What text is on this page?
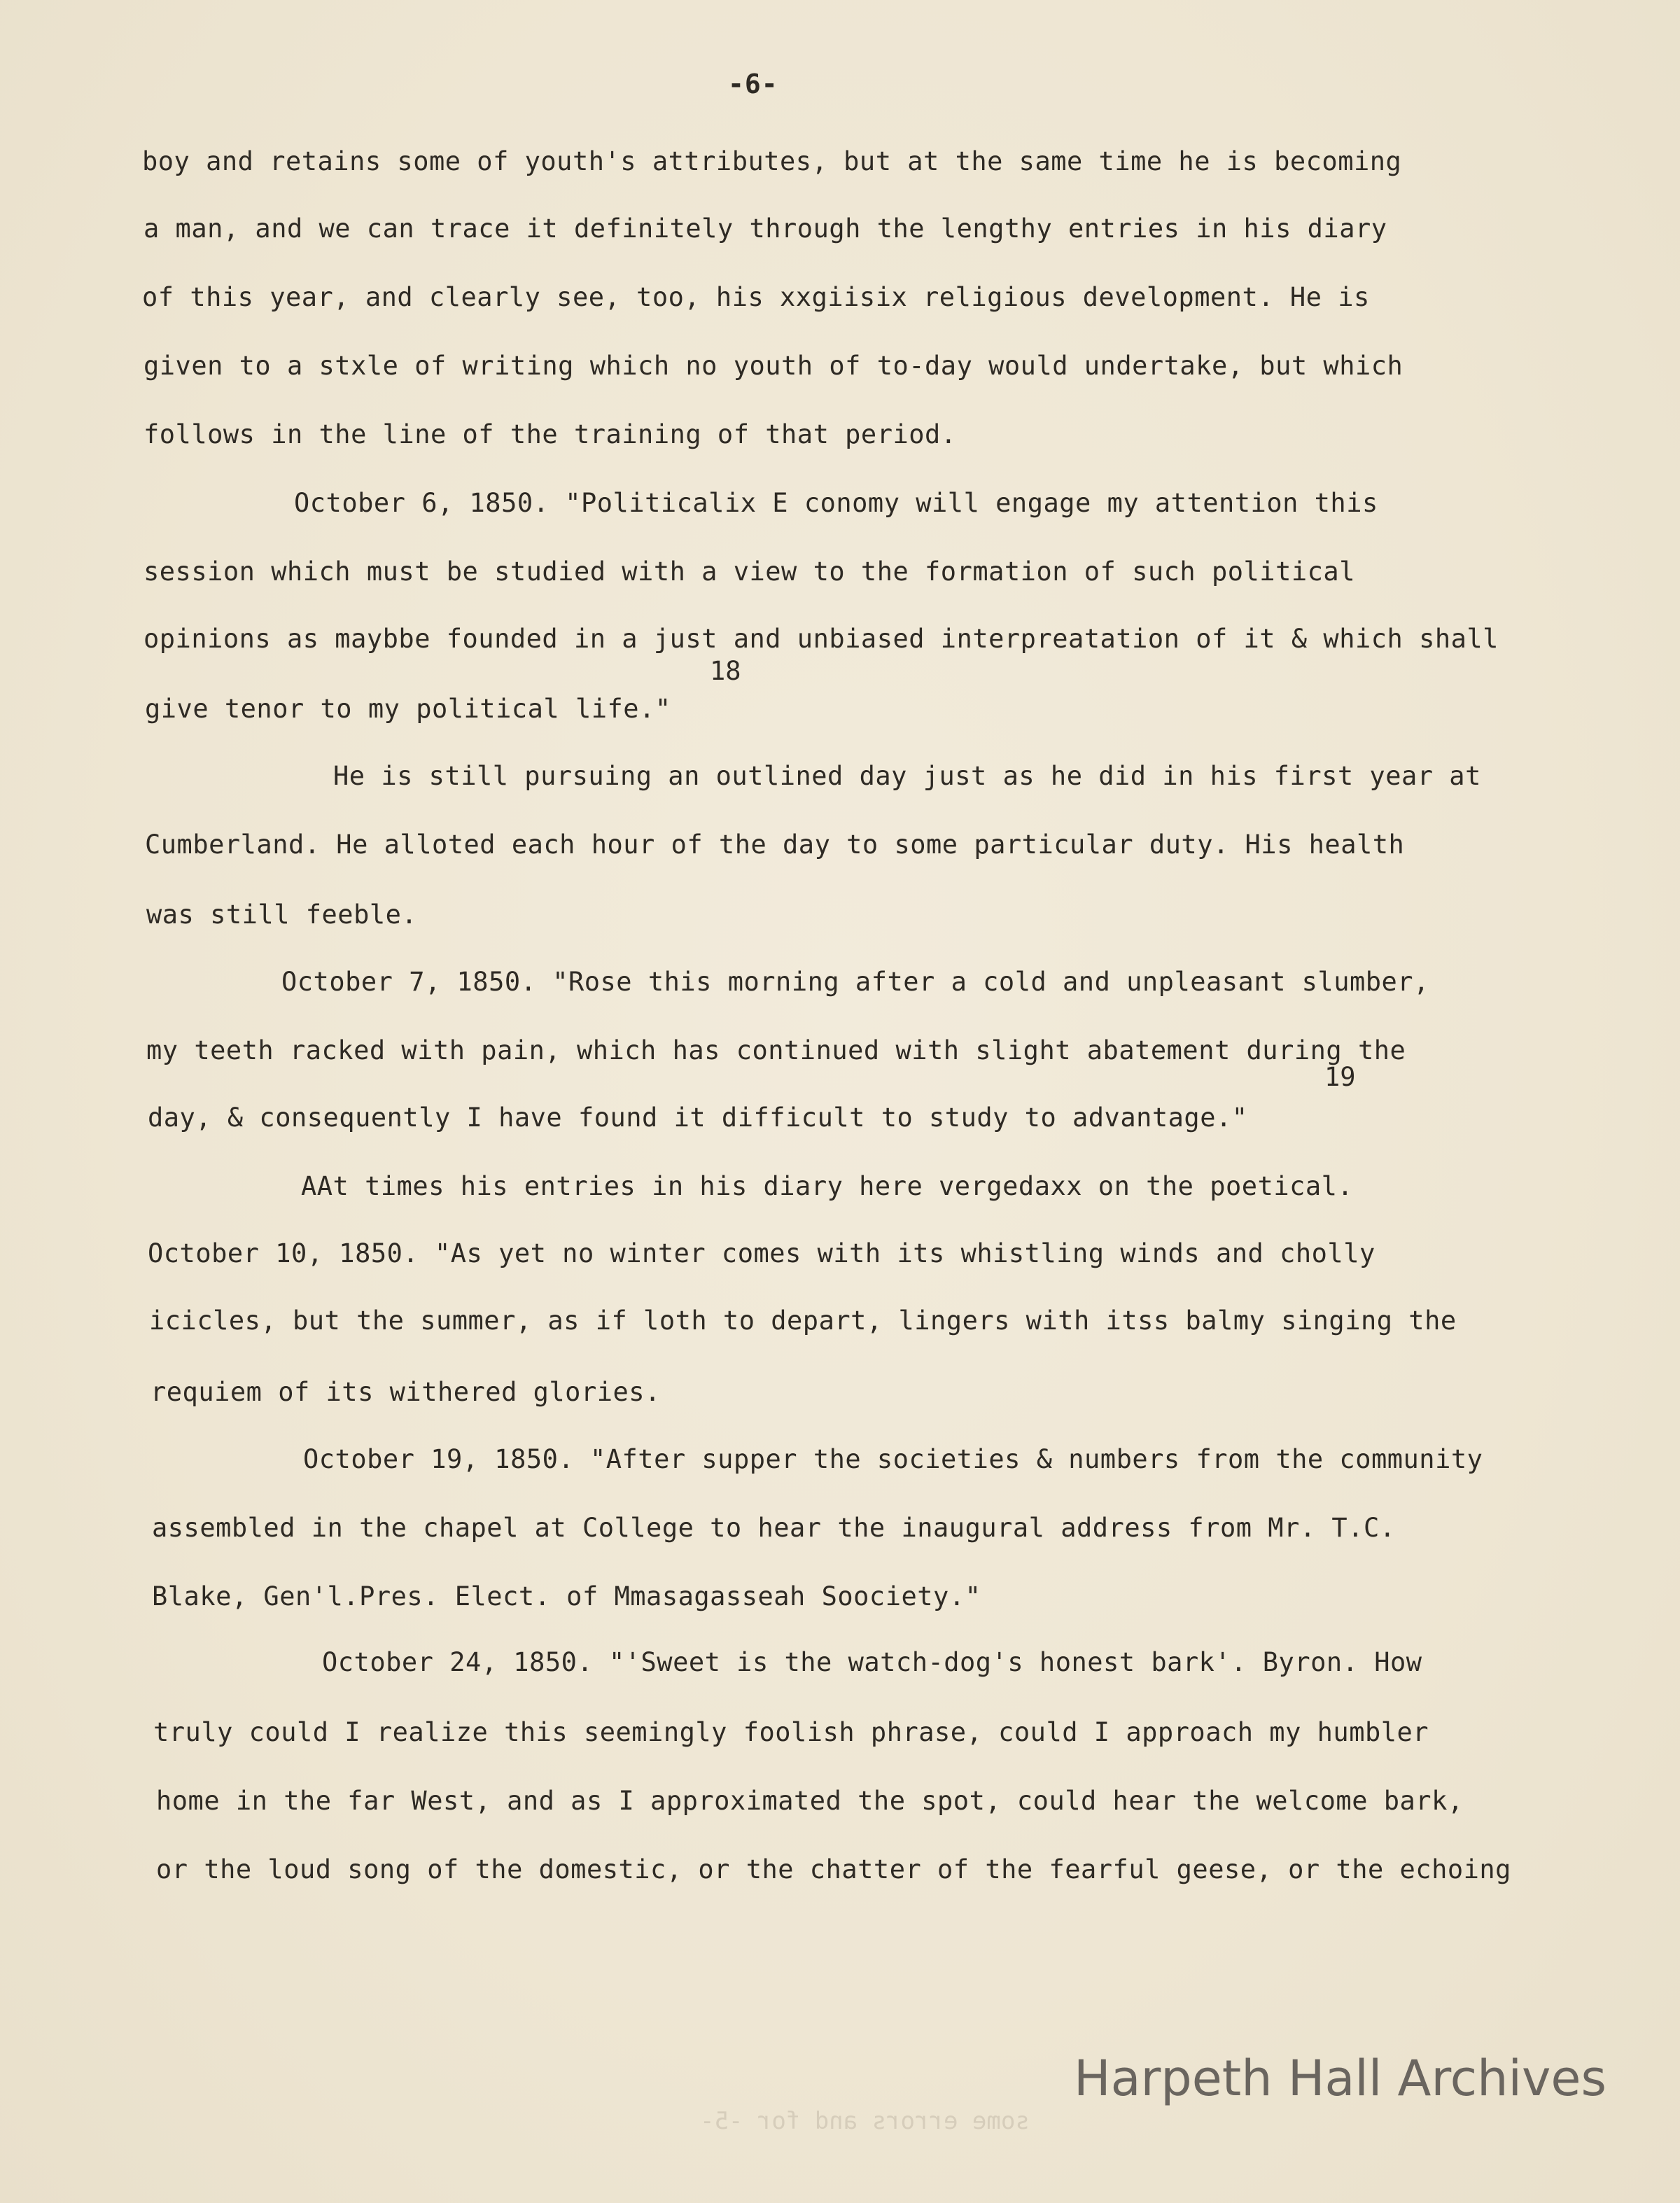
-6-
boy and retains some of youth's attributes, but at the same time he is becoming
a man, and we can trace it definitely through the lengthy entries in his diary
of this year, and clearly see, too, his xxgiisix religious development. He is
given to a stxle of writing which no youth of to-day would undertake, but which
follows in the line of the training of that period.
October 6, 1850. "Politicalix E conomy will engage my attention this
session which must be studied with a view to the formation of such political
opinions as maybbe founded in a just and unbiased interpreatation of it & which shall
18
give tenor to my political life."
He is still pursuing an outlined day just as he did in his first year at
Cumberland. He alloted each hour of the day to some particular duty. His health
was still feeble.
October 7, 1850. "Rose this morning after a cold and unpleasant slumber,
my teeth racked with pain, which has continued with slight abatement during the
19
day, & consequently I have found it difficult to study to advantage."
AAt times his entries in his diary here vergedaxx on the poetical.
October 10, 1850. "As yet no winter comes with its whistling winds and cholly
icicles, but the summer, as if loth to depart, lingers with itss balmy singing the
requiem of its withered glories.
October 19, 1850. "After supper the societies & numbers from the community
assembled in the chapel at College to hear the inaugural address from Mr. T.C.
Blake, Gen'l.Pres. Elect. of Mmasagasseah Soociety."
October 24, 1850. "'Sweet is the watch-dog's honest bark'. Byron. How
truly could I realize this seemingly foolish phrase, could I approach my humbler
home in the far West, and as I approximated the spot, could hear the welcome bark,
or the loud song of the domestic, or the chatter of the fearful geese, or the echoing
some errors and for -5-
Harpeth Hall Archives
